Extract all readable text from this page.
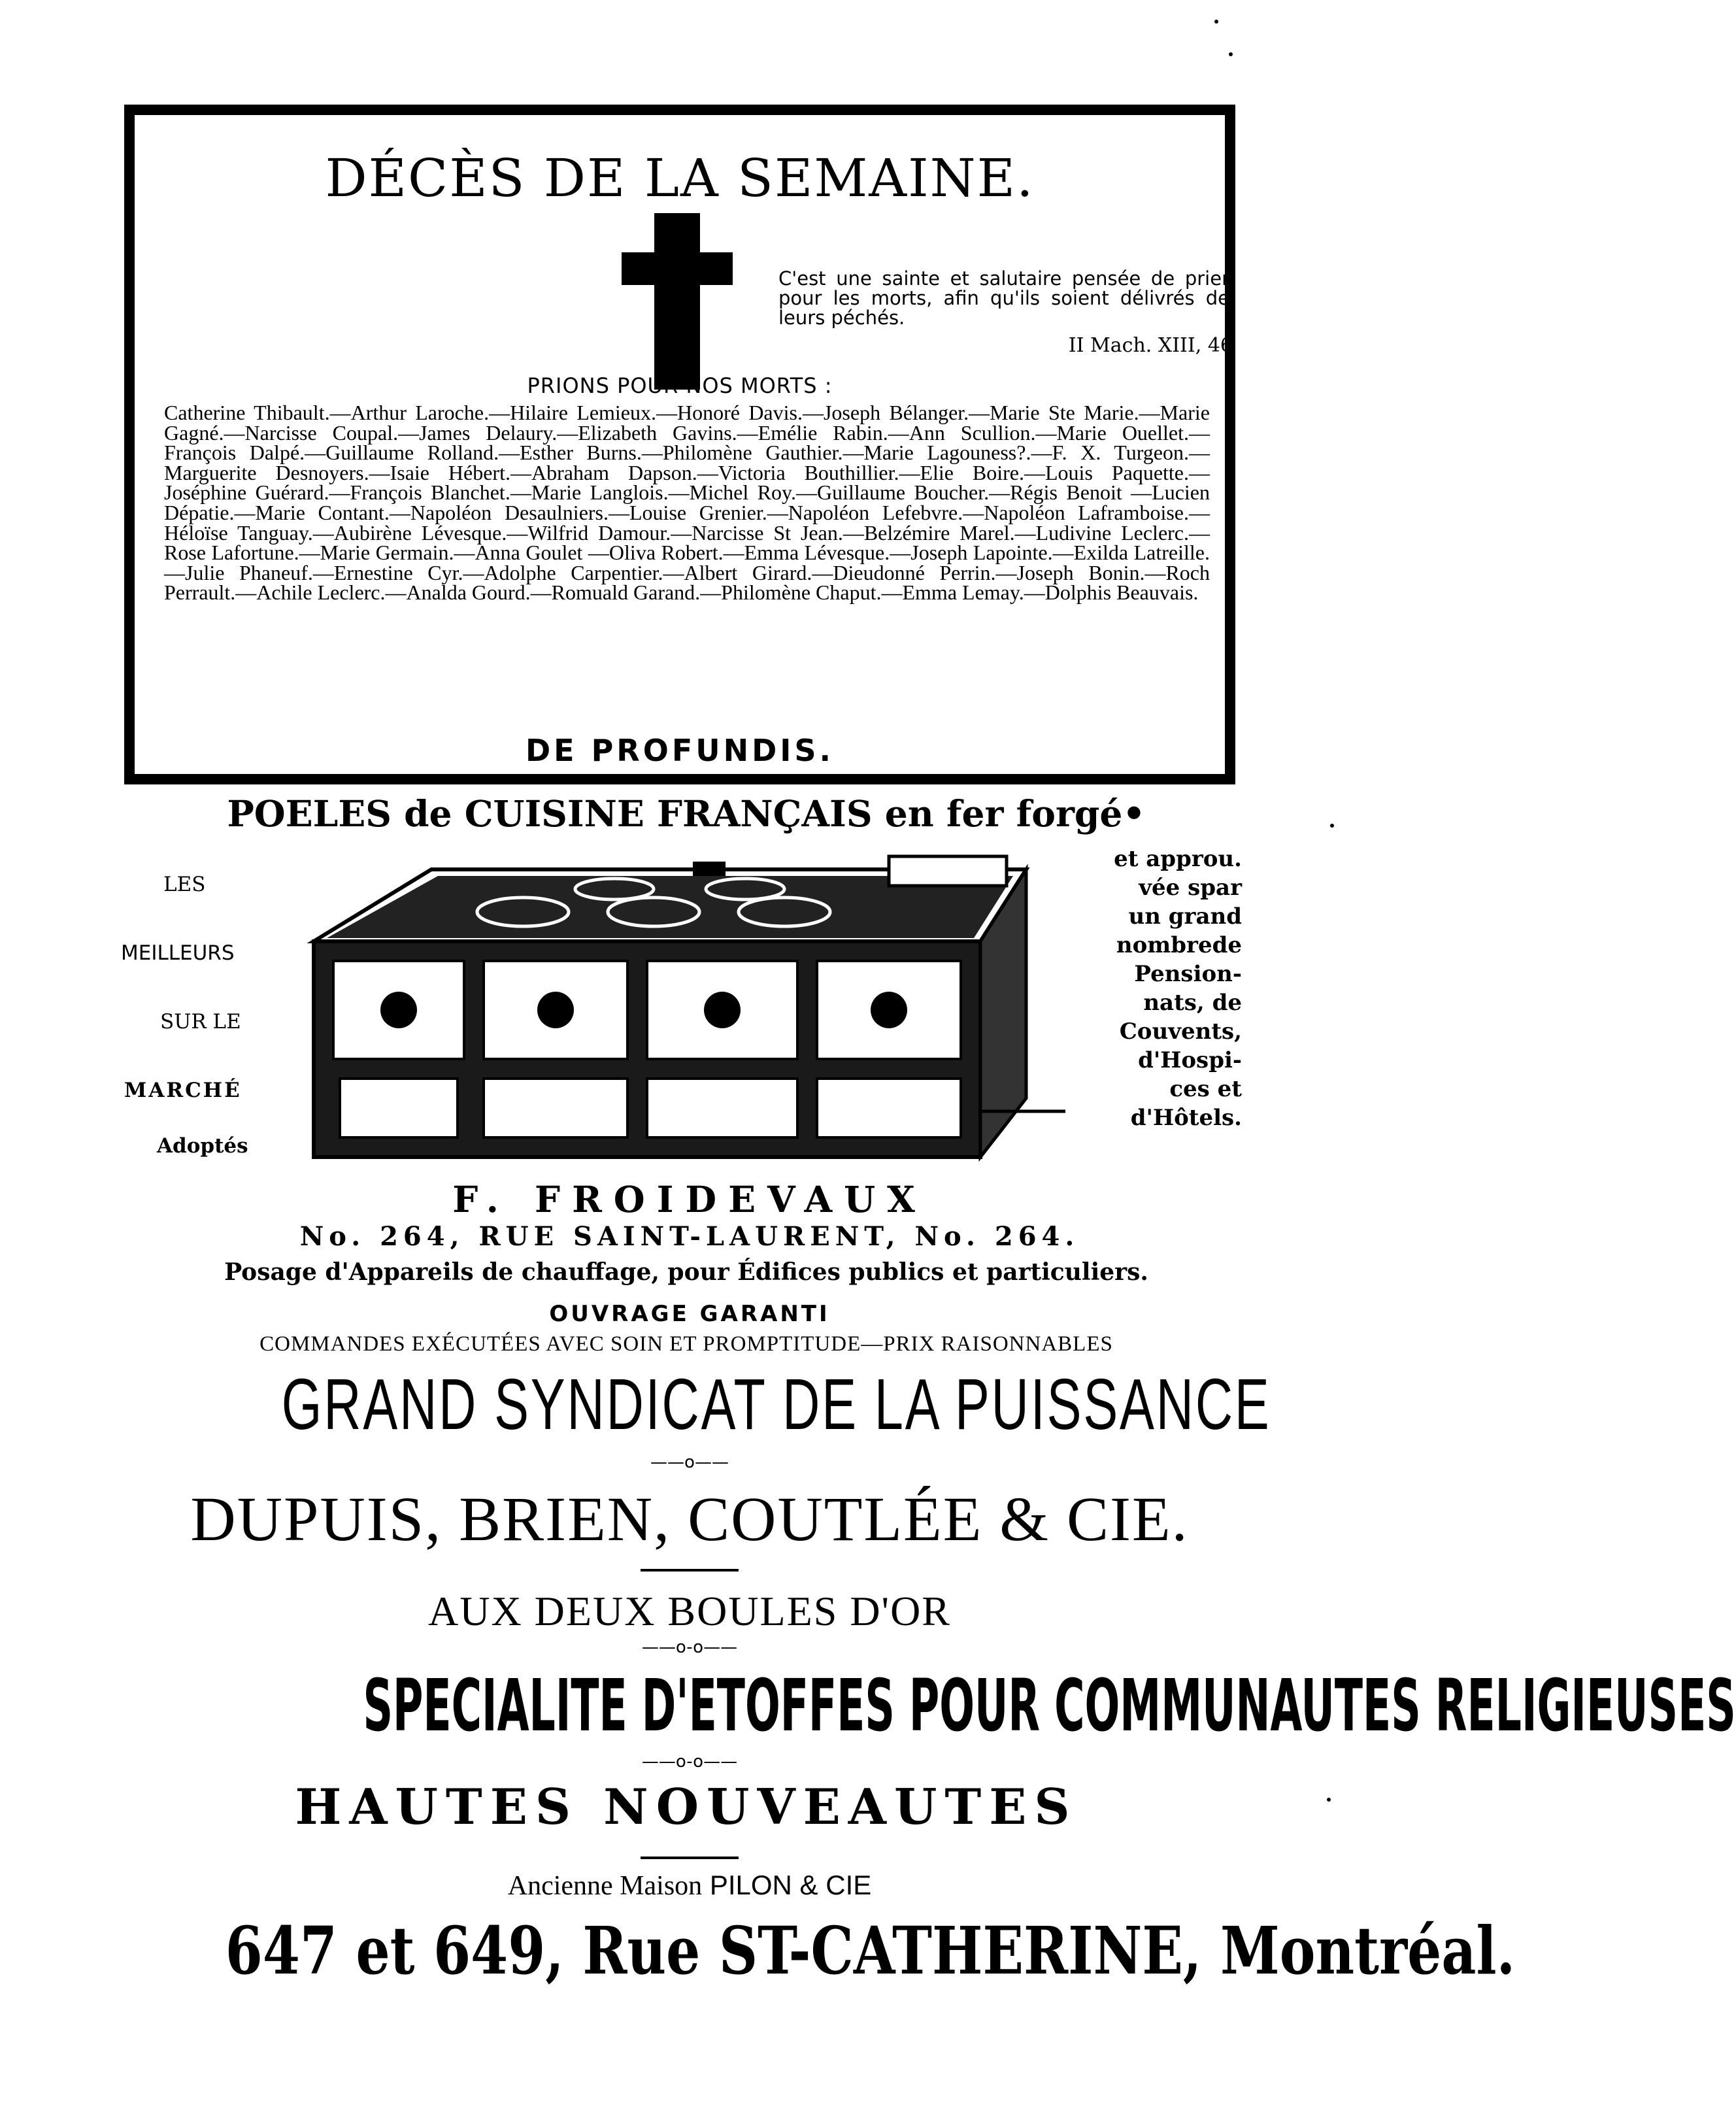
DÉCÈS DE LA SEMAINE.
C'est une sainte et salutaire pensée de prier pour les morts, afin qu'ils soient délivrés de leurs péchés.
II Mach. XIII, 46
PRIONS POUR NOS MORTS :
Catherine Thibault.—Arthur Laroche.—Hilaire Lemieux.—Honoré Davis.—Joseph Bélanger.—Marie Ste Marie.—Marie Gagné.—Narcisse Coupal.—James Delaury.—Elizabeth Gavins.—Emélie Rabin.—Ann Scullion.—Marie Ouellet.—François Dalpé.—Guillaume Rolland.—Esther Burns.—Philomène Gauthier.—Marie Lagouness?.—F. X. Turgeon.—Marguerite Desnoyers.—Isaie Hébert.—Abraham Dapson.—Victoria Bouthillier.—Elie Boire.—Louis Paquette.—Joséphine Guérard.—François Blanchet.—Marie Langlois.—Michel Roy.—Guillaume Boucher.—Régis Benoit —Lucien Dépatie.—Marie Contant.—Napoléon Desaulniers.—Louise Grenier.—Napoléon Lefebvre.—Napoléon Laframboise.—Héloïse Tanguay.—Aubirène Lévesque.—Wilfrid Damour.—Narcisse St Jean.—Belzémire Marel.—Ludivine Leclerc.—Rose Lafortune.—Marie Germain.—Anna Goulet —Oliva Robert.—Emma Lévesque.—Joseph Lapointe.—Exilda Latreille.—Julie Phaneuf.—Ernestine Cyr.—Adolphe Carpentier.—Albert Girard.—Dieudonné Perrin.—Joseph Bonin.—Roch Perrault.—Achile Leclerc.—Analda Gourd.—Romuald Garand.—Philomène Chaput.—Emma Lemay.—Dolphis Beauvais.
DE PROFUNDIS.
POELES de CUISINE FRANÇAIS en fer forgé•
LES
MEILLEURS
SUR LE
MARCHÉ
Adoptés
et approu.
vée spar
un grand
nombrede
Pension-
nats, de
Couvents,
d'Hospi-
ces et
d'Hôtels.
F. FROIDEVAUX
No. 264, RUE SAINT-LAURENT, No. 264.
Posage d'Appareils de chauffage, pour Édifices publics et particuliers.
OUVRAGE GARANTI
COMMANDES EXÉCUTÉES AVEC SOIN ET PROMPTITUDE—PRIX RAISONNABLES
GRAND SYNDICAT DE LA PUISSANCE
——o——
DUPUIS, BRIEN, COUTLÉE & CIE.
AUX DEUX BOULES D'OR
——o-o——
SPECIALITE D'ETOFFES POUR COMMUNAUTES RELIGIEUSES
——o-o——
HAUTES NOUVEAUTES
Ancienne Maison PILON & CIE
647 et 649, Rue ST-CATHERINE, Montréal.
